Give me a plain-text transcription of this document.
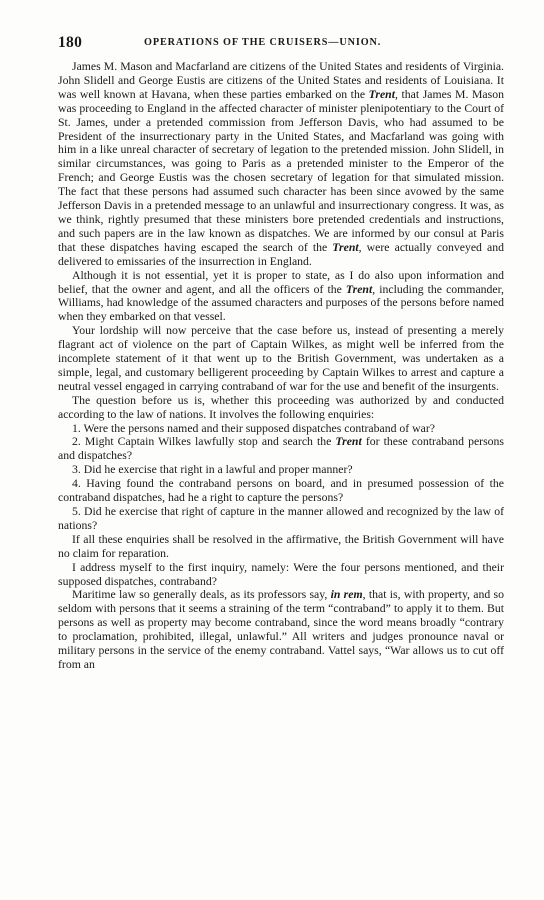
180	OPERATIONS OF THE CRUISERS—UNION.

James M. Mason and Macfarland are citizens of the United States and residents of Virginia. John Slidell and George Eustis are citizens of the United States and residents of Louisiana. It was well known at Havana, when these parties embarked on the Trent, that James M. Mason was proceeding to England in the affected character of minister plenipotentiary to the Court of St. James, under a pretended commission from Jefferson Davis, who had assumed to be President of the insurrectionary party in the United States, and Macfarland was going with him in a like unreal character of secretary of legation to the pretended mission. John Slidell, in similar circumstances, was going to Paris as a pretended minister to the Emperor of the French; and George Eustis was the chosen secretary of legation for that simulated mission. The fact that these persons had assumed such character has been since avowed by the same Jefferson Davis in a pretended message to an unlawful and insurrectionary congress. It was, as we think, rightly presumed that these ministers bore pretended credentials and instructions, and such papers are in the law known as dispatches. We are informed by our consul at Paris that these dispatches having escaped the search of the Trent, were actually conveyed and delivered to emissaries of the insurrection in England.

Although it is not essential, yet it is proper to state, as I do also upon information and belief, that the owner and agent, and all the officers of the Trent, including the commander, Williams, had knowledge of the assumed characters and purposes of the persons before named when they embarked on that vessel.

Your lordship will now perceive that the case before us, instead of presenting a merely flagrant act of violence on the part of Captain Wilkes, as might well be inferred from the incomplete statement of it that went up to the British Government, was undertaken as a simple, legal, and customary belligerent proceeding by Captain Wilkes to arrest and capture a neutral vessel engaged in carrying contraband of war for the use and benefit of the insurgents.

The question before us is, whether this proceeding was authorized by and conducted according to the law of nations. It involves the following enquiries:

1. Were the persons named and their supposed dispatches contraband of war?

2. Might Captain Wilkes lawfully stop and search the Trent for these contraband persons and dispatches?

3. Did he exercise that right in a lawful and proper manner?

4. Having found the contraband persons on board, and in presumed possession of the contraband dispatches, had he a right to capture the persons?

5. Did he exercise that right of capture in the manner allowed and recognized by the law of nations?

If all these enquiries shall be resolved in the affirmative, the British Government will have no claim for reparation.

I address myself to the first inquiry, namely: Were the four persons mentioned, and their supposed dispatches, contraband?

Maritime law so generally deals, as its professors say, in rem, that is, with property, and so seldom with persons that it seems a straining of the term “contraband” to apply it to them. But persons as well as property may become contraband, since the word means broadly “contrary to proclamation, prohibited, illegal, unlawful.” All writers and judges pronounce naval or military persons in the service of the enemy contraband. Vattel says, “War allows us to cut off from an
